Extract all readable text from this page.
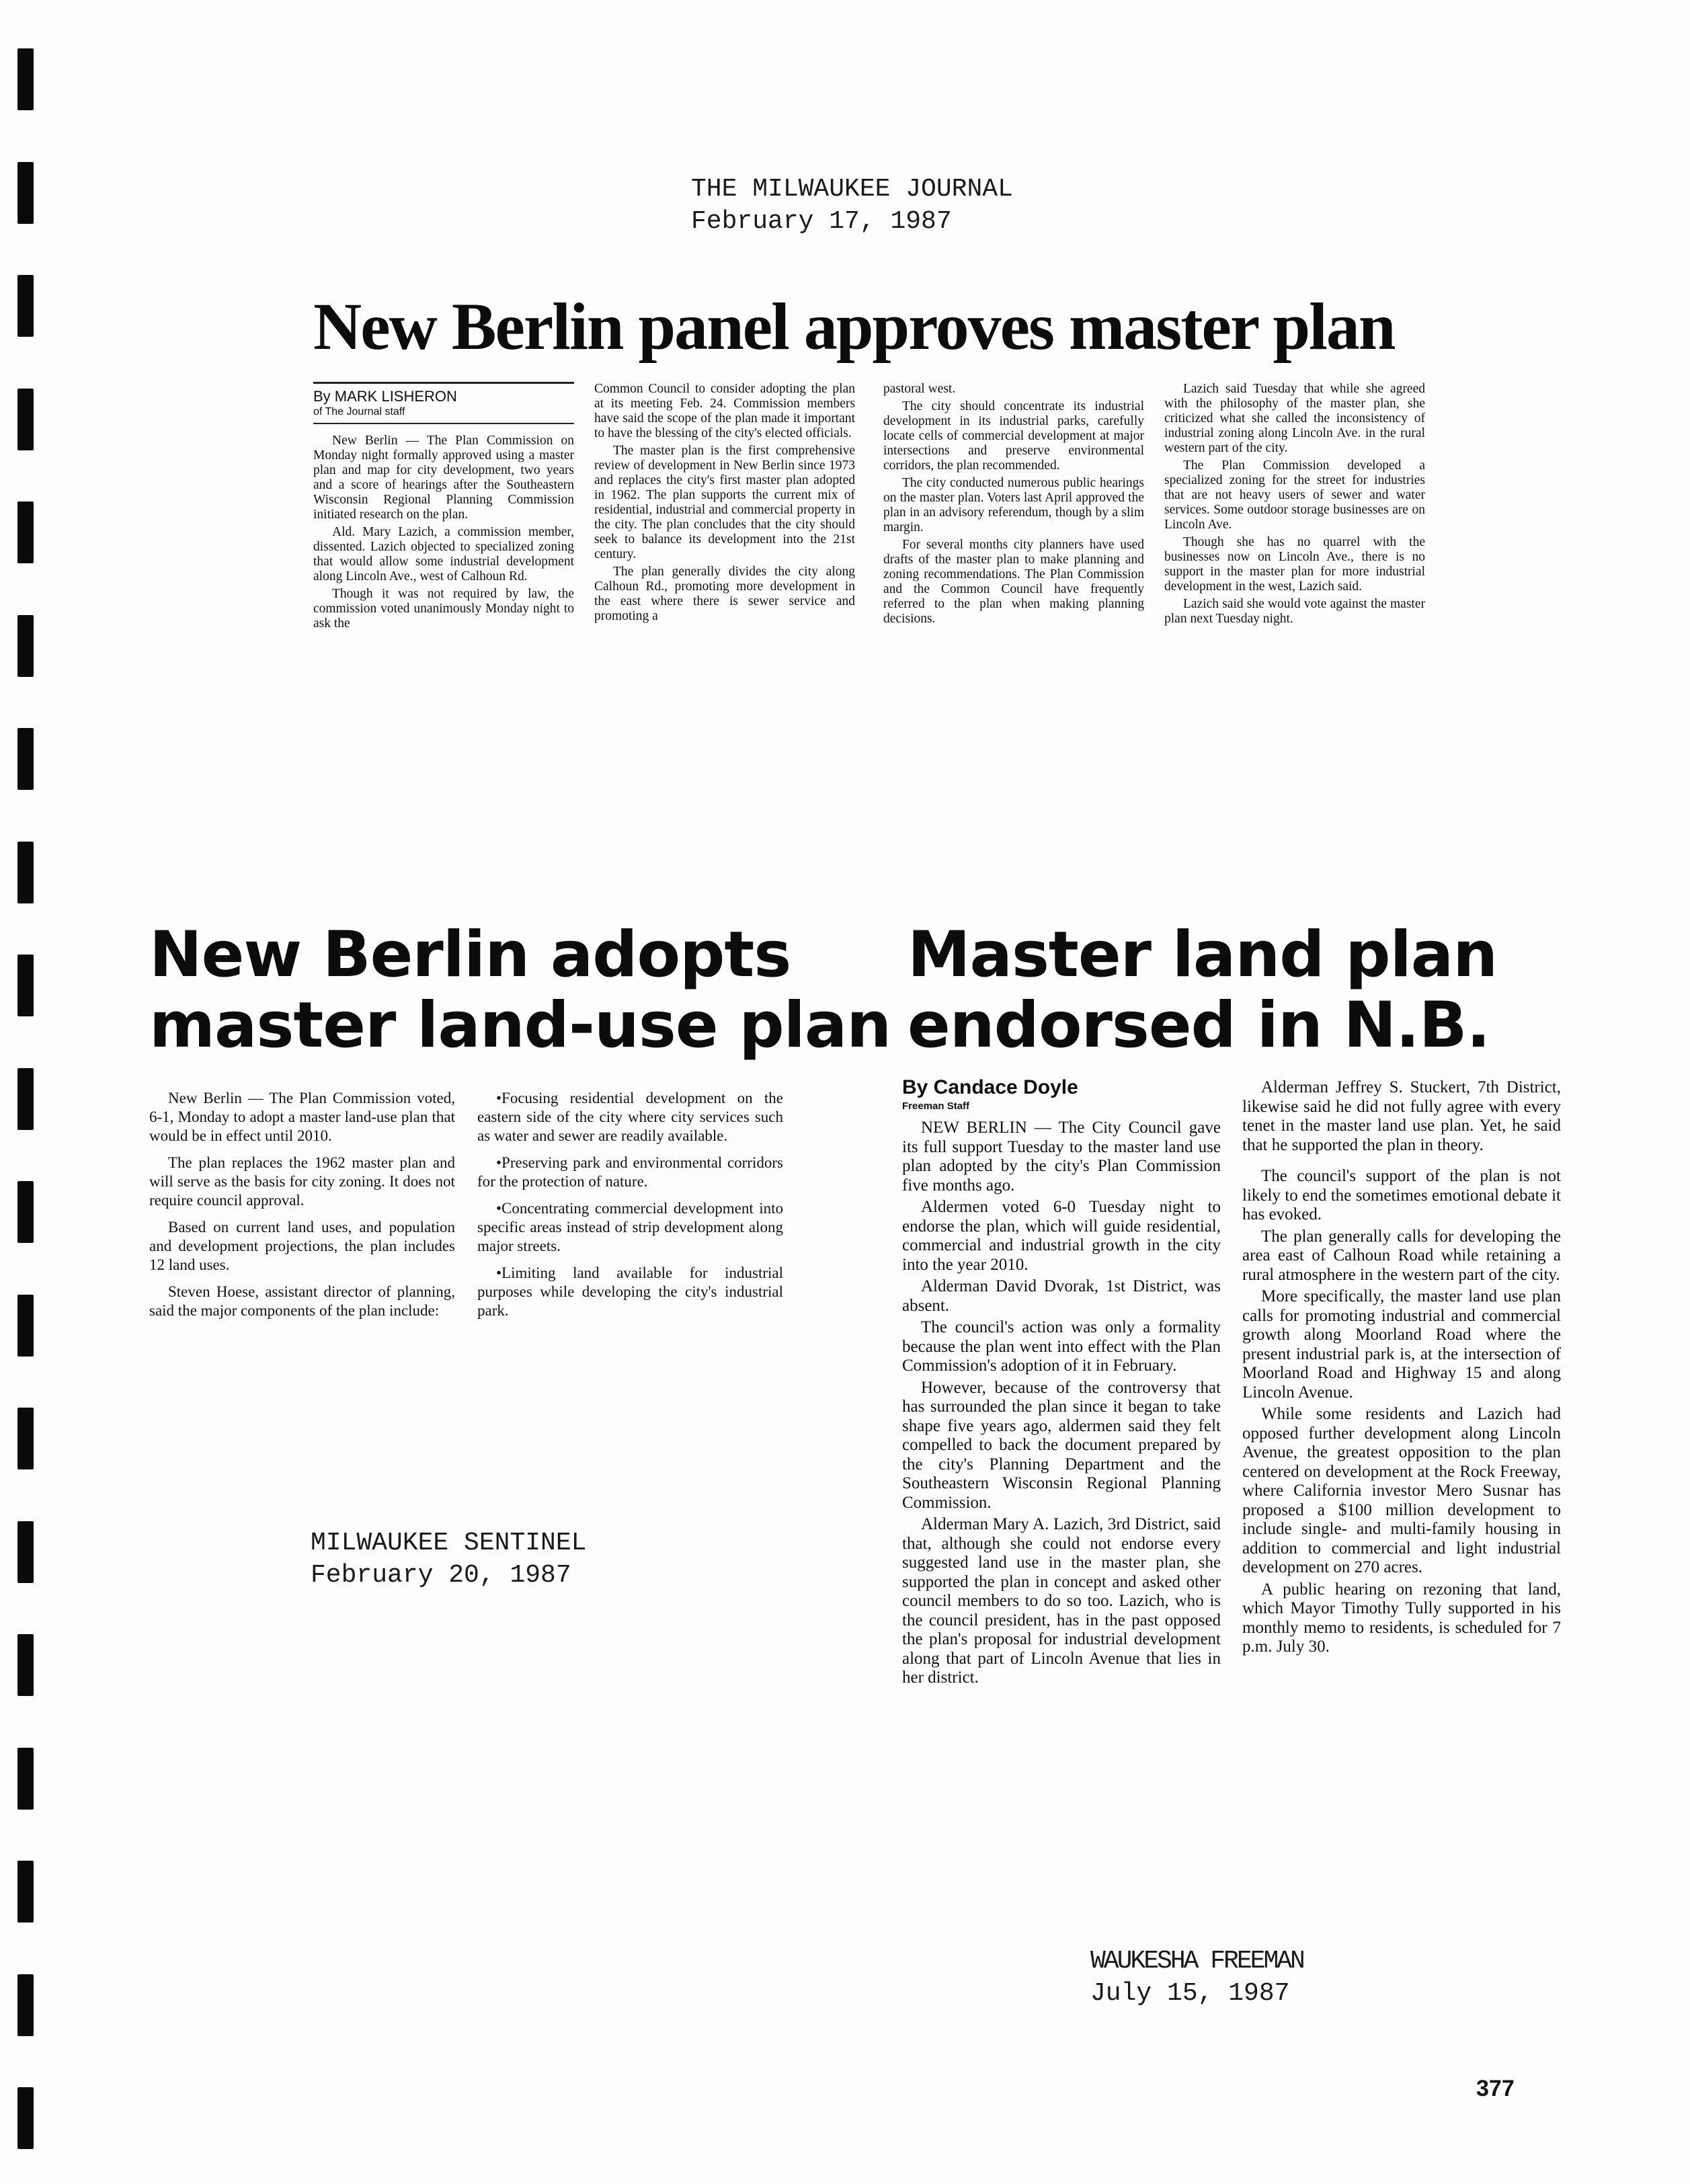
THE MILWAUKEE JOURNAL
February 17, 1987
New Berlin panel approves master plan
By MARK LISHERON
of The Journal staff

New Berlin — The Plan Commission on Monday night formally approved using a master plan and map for city development, two years and a score of hearings after the Southeastern Wisconsin Regional Planning Commission initiated research on the plan.

Ald. Mary Lazich, a commission member, dissented. Lazich objected to specialized zoning that would allow some industrial development along Lincoln Ave., west of Calhoun Rd.

Though it was not required by law, the commission voted unanimously Monday night to ask the

Common Council to consider adopting the plan at its meeting Feb. 24. Commission members have said the scope of the plan made it important to have the blessing of the city's elected officials.

The master plan is the first comprehensive review of development in New Berlin since 1973 and replaces the city's first master plan adopted in 1962. The plan supports the current mix of residential, industrial and commercial property in the city. The plan concludes that the city should seek to balance its development into the 21st century.

The plan generally divides the city along Calhoun Rd., promoting more development in the east where there is sewer service and promoting a

pastoral west.

The city should concentrate its industrial development in its industrial parks, carefully locate cells of commercial development at major intersections and preserve environmental corridors, the plan recommended.

The city conducted numerous public hearings on the master plan. Voters last April approved the plan in an advisory referendum, though by a slim margin.

For several months city planners have used drafts of the master plan to make planning and zoning recommendations. The Plan Commission and the Common Council have frequently referred to the plan when making planning decisions.

Lazich said Tuesday that while she agreed with the philosophy of the master plan, she criticized what she called the inconsistency of industrial zoning along Lincoln Ave. in the rural western part of the city.

The Plan Commission developed a specialized zoning for the street for industries that are not heavy users of sewer and water services. Some outdoor storage businesses are on Lincoln Ave.

Though she has no quarrel with the businesses now on Lincoln Ave., there is no support in the master plan for more industrial development in the west, Lazich said.

Lazich said she would vote against the master plan next Tuesday night.

New Berlin adopts
master land-use plan

New Berlin — The Plan Commission voted, 6-1, Monday to adopt a master land-use plan that would be in effect until 2010.

The plan replaces the 1962 master plan and will serve as the basis for city zoning. It does not require council approval.

Based on current land uses, and population and development projections, the plan includes 12 land uses.

Steven Hoese, assistant director of planning, said the major components of the plan include:

•Focusing residential development on the eastern side of the city where city services such as water and sewer are readily available.

•Preserving park and environmental corridors for the protection of nature.

•Concentrating commercial development into specific areas instead of strip development along major streets.

•Limiting land available for industrial purposes while developing the city's industrial park.

MILWAUKEE SENTINEL
February 20, 1987
Master land plan
endorsed in N.B.
By Candace Doyle
Freeman Staff

NEW BERLIN — The City Council gave its full support Tuesday to the master land use plan adopted by the city's Plan Commission five months ago.

Aldermen voted 6-0 Tuesday night to endorse the plan, which will guide residential, commercial and industrial growth in the city into the year 2010.

Alderman David Dvorak, 1st District, was absent.

The council's action was only a formality because the plan went into effect with the Plan Commission's adoption of it in February.

However, because of the controversy that has surrounded the plan since it began to take shape five years ago, aldermen said they felt compelled to back the document prepared by the city's Planning Department and the Southeastern Wisconsin Regional Planning Commission.

Alderman Mary A. Lazich, 3rd District, said that, although she could not endorse every suggested land use in the master plan, she supported the plan in concept and asked other council members to do so too. Lazich, who is the council president, has in the past opposed the plan's proposal for industrial development along that part of Lincoln Avenue that lies in her district.

Alderman Jeffrey S. Stuckert, 7th District, likewise said he did not fully agree with every tenet in the master land use plan. Yet, he said that he supported the plan in theory.

The council's support of the plan is not likely to end the sometimes emotional debate it has evoked.

The plan generally calls for developing the area east of Calhoun Road while retaining a rural atmosphere in the western part of the city.

More specifically, the master land use plan calls for promoting industrial and commercial growth along Moorland Road where the present industrial park is, at the intersection of Moorland Road and Highway 15 and along Lincoln Avenue.

While some residents and Lazich had opposed further development along Lincoln Avenue, the greatest opposition to the plan centered on development at the Rock Freeway, where California investor Mero Susnar has proposed a $100 million development to include single- and multi-family housing in addition to commercial and light industrial development on 270 acres.

A public hearing on rezoning that land, which Mayor Timothy Tully supported in his monthly memo to residents, is scheduled for 7 p.m. July 30.

WAUKESHA FREEMAN
July 15, 1987
377
